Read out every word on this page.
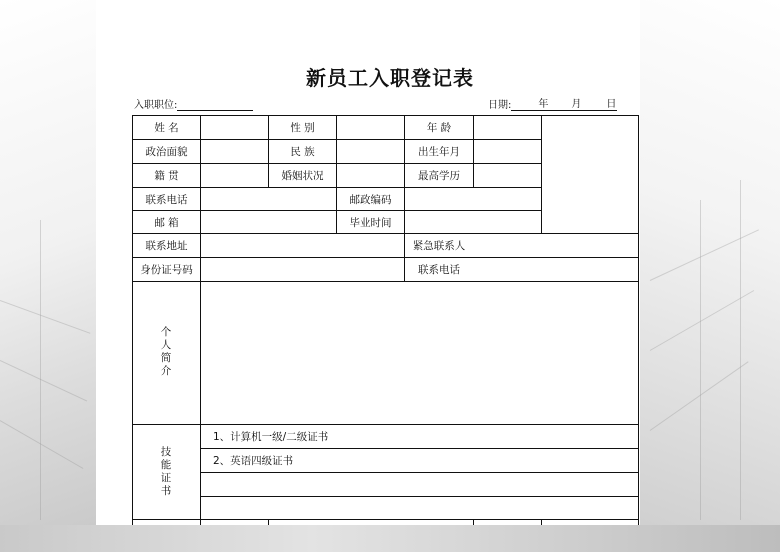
新员工入职登记表
入职职位:	日期:	年 月	日
姓 名	性 别	年 龄
政治面貌	民 族	出生年月
籍 贯	婚姻状况	最高学历
联系电话	邮政编码
邮 箱	毕业时间
联系地址	紧急联系人
身份证号码	联系电话
个
人
简
介
技
能
证
书
1、计算机一级/二级证书
2、英语四级证书
